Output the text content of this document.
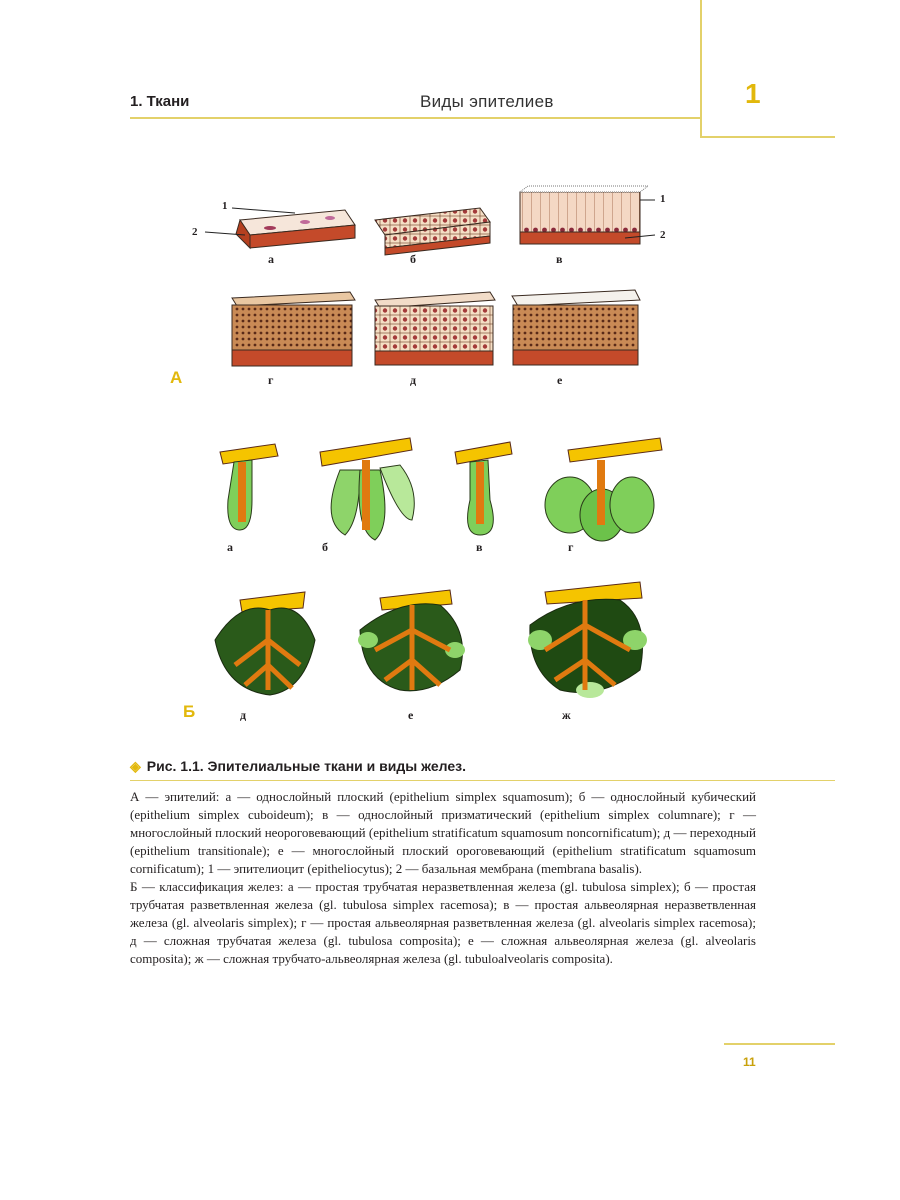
1
1. Ткани	Виды эпителиев
1
2
1
2
а	б	в
г	д	е
А
а	б	в	г
д	е	ж
Б
◈ Рис. 1.1. Эпителиальные ткани и виды желез.

А — эпителий: а — однослойный плоский (epithelium simplex squamosum); б — однослойный кубический (epithelium simplex cuboideum); в — однослойный призматический (epithelium simplex columnare); г — многослойный плоский неороговевающий (epithelium stratificatum squamosum noncornificatum); д — переходный (epithelium transitionale); е — многослойный плоский ороговевающий (epithelium stratificatum squamosum cornificatum); 1 — эпителиоцит (epitheliocytus); 2 — базальная мембрана (membrana basalis).

Б — классификация желез: а — простая трубчатая неразветвленная железа (gl. tubulosa simplex); б — простая трубчатая разветвленная железа (gl. tubulosa simplex racemosa); в — простая альвеолярная неразветвленная железа (gl. alveolaris simplex); г — простая альвеолярная разветвленная железа (gl. alveolaris simplex racemosa); д — сложная трубчатая железа (gl. tubulosa composita); е — сложная альвеолярная железа (gl. alveolaris composita); ж — сложная трубчато-альвеолярная железа (gl. tubuloalveolaris composita).

11
